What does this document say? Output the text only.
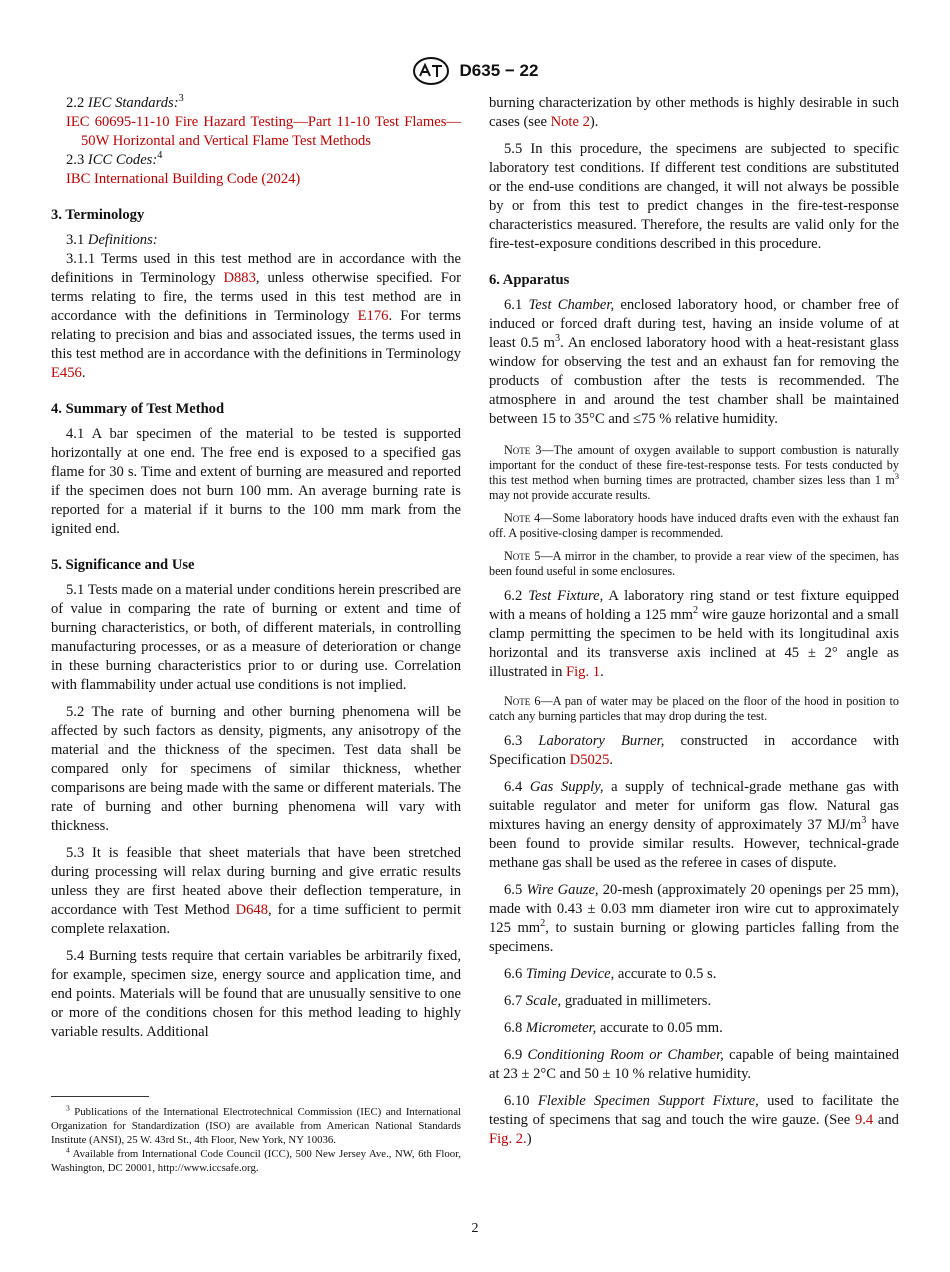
D635 − 22

2.2 IEC Standards:$^3$

IEC 60695-11-10 Fire Hazard Testing—Part 11-10 Test Flames—50W Horizontal and Vertical Flame Test Methods

2.3 ICC Codes:$^4$

IBC International Building Code (2024)

3. Terminology

3.1 Definitions:

3.1.1 Terms used in this test method are in accordance with the definitions in Terminology D883, unless otherwise specified. For terms relating to fire, the terms used in this test method are in accordance with the definitions in Terminology E176. For terms relating to precision and bias and associated issues, the terms used in this test method are in accordance with the definitions in Terminology E456.

4. Summary of Test Method

4.1 A bar specimen of the material to be tested is supported horizontally at one end. The free end is exposed to a specified gas flame for 30 s. Time and extent of burning are measured and reported if the specimen does not burn 100 mm. An average burning rate is reported for a material if it burns to the 100 mm mark from the ignited end.

5. Significance and Use

5.1 Tests made on a material under conditions herein prescribed are of value in comparing the rate of burning or extent and time of burning characteristics, or both, of different materials, in controlling manufacturing processes, or as a measure of deterioration or change in these burning characteristics prior to or during use. Correlation with flammability under actual use conditions is not implied.

5.2 The rate of burning and other burning phenomena will be affected by such factors as density, pigments, any anisotropy of the material and the thickness of the specimen. Test data shall be compared only for specimens of similar thickness, whether comparisons are being made with the same or different materials. The rate of burning and other burning phenomena will vary with thickness.

5.3 It is feasible that sheet materials that have been stretched during processing will relax during burning and give erratic results unless they are first heated above their deflection temperature, in accordance with Test Method D648, for a time sufficient to permit complete relaxation.

5.4 Burning tests require that certain variables be arbitrarily fixed, for example, specimen size, energy source and application time, and end points. Materials will be found that are unusually sensitive to one or more of the conditions chosen for this method leading to highly variable results. Additional

$^3$ Publications of the International Electrotechnical Commission (IEC) and International Organization for Standardization (ISO) are available from American National Standards Institute (ANSI), 25 W. 43rd St., 4th Floor, New York, NY 10036.

$^4$ Available from International Code Council (ICC), 500 New Jersey Ave., NW, 6th Floor, Washington, DC 20001, http://www.iccsafe.org.

burning characterization by other methods is highly desirable in such cases (see Note 2).

5.5 In this procedure, the specimens are subjected to specific laboratory test conditions. If different test conditions are substituted or the end-use conditions are changed, it will not always be possible by or from this test to predict changes in the fire-test-response characteristics measured. Therefore, the results are valid only for the fire-test-exposure conditions described in this procedure.

6. Apparatus

6.1 Test Chamber, enclosed laboratory hood, or chamber free of induced or forced draft during test, having an inside volume of at least 0.5 $m^3$. An enclosed laboratory hood with a heat-resistant glass window for observing the test and an exhaust fan for removing the products of combustion after the tests is recommended. The atmosphere in and around the test chamber shall be maintained between 15 to 35°C and ≤75 % relative humidity.

Note 3—The amount of oxygen available to support combustion is naturally important for the conduct of these fire-test-response tests. For tests conducted by this test method when burning times are protracted, chamber sizes less than 1 $m^3$ may not provide accurate results.

Note 4—Some laboratory hoods have induced drafts even with the exhaust fan off. A positive-closing damper is recommended.

Note 5—A mirror in the chamber, to provide a rear view of the specimen, has been found useful in some enclosures.

6.2 Test Fixture, A laboratory ring stand or test fixture equipped with a means of holding a 125 $mm^2$ wire gauze horizontal and a small clamp permitting the specimen to be held with its longitudinal axis horizontal and its transverse axis inclined at 45 ± 2° angle as illustrated in Fig. 1.

Note 6—A pan of water may be placed on the floor of the hood in position to catch any burning particles that may drop during the test.

6.3 Laboratory Burner, constructed in accordance with Specification D5025.

6.4 Gas Supply, a supply of technical-grade methane gas with suitable regulator and meter for uniform gas flow. Natural gas mixtures having an energy density of approximately 37 $MJ/m^3$ have been found to provide similar results. However, technical-grade methane gas shall be used as the referee in cases of dispute.

6.5 Wire Gauze, 20-mesh (approximately 20 openings per 25 mm), made with 0.43 ± 0.03 mm diameter iron wire cut to approximately 125 $mm^2$, to sustain burning or glowing particles falling from the specimens.

6.6 Timing Device, accurate to 0.5 s.

6.7 Scale, graduated in millimeters.

6.8 Micrometer, accurate to 0.05 mm.

6.9 Conditioning Room or Chamber, capable of being maintained at 23 ± 2°C and 50 ± 10 % relative humidity.

6.10 Flexible Specimen Support Fixture, used to facilitate the testing of specimens that sag and touch the wire gauze. (See 9.4 and Fig. 2.)

2
